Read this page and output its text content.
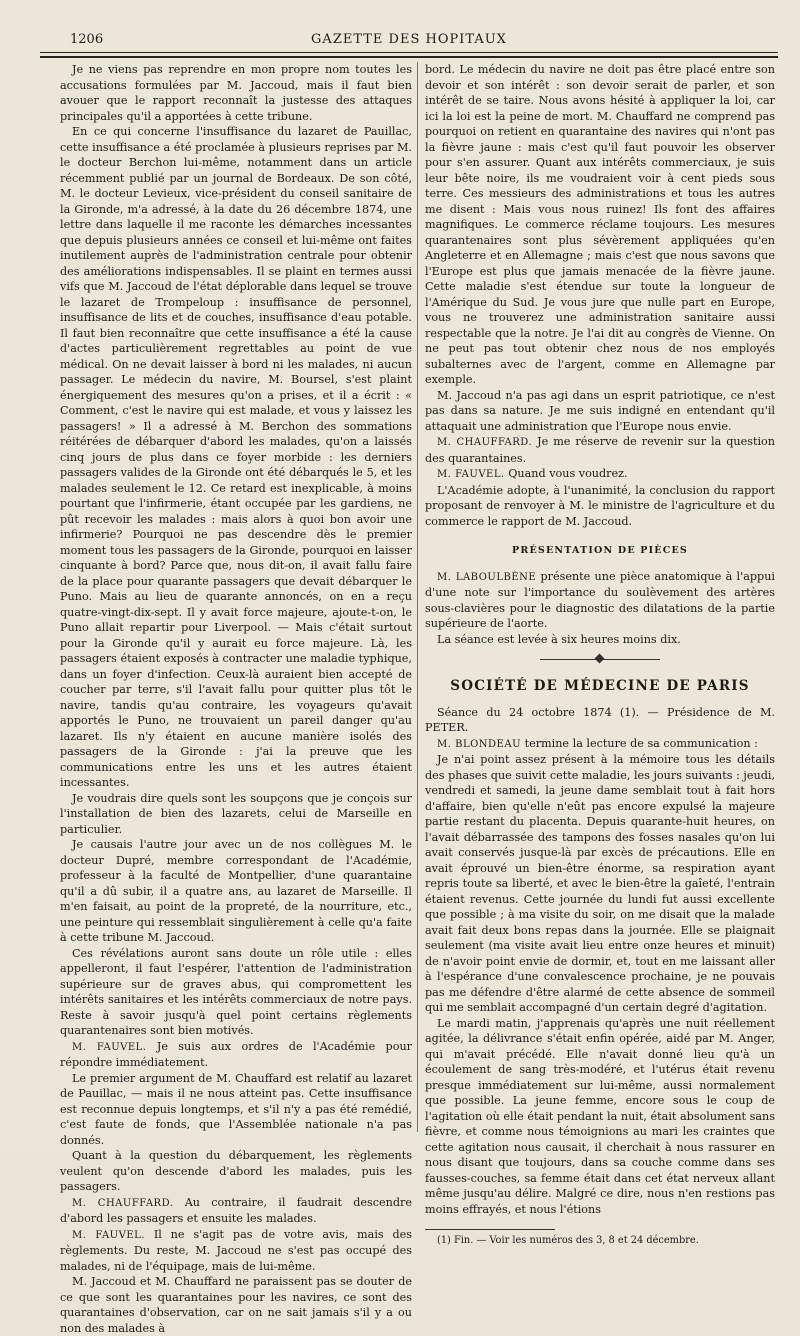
1206	GAZETTE DES HOPITAUX

Je ne viens pas reprendre en mon propre nom toutes les accusations formulées par M. Jaccoud, mais il faut bien avouer que le rapport reconnaît la justesse des attaques principales qu'il a apportées à cette tribune.

En ce qui concerne l'insuffisance du lazaret de Pauillac, cette insuffisance a été proclamée à plusieurs reprises par M. le docteur Berchon lui-même, notamment dans un article récemment publié par un journal de Bordeaux. De son côté, M. le docteur Levieux, vice-président du conseil sanitaire de la Gironde, m'a adressé, à la date du 26 décembre 1874, une lettre dans laquelle il me raconte les démarches incessantes que depuis plusieurs années ce conseil et lui-même ont faites inutilement auprès de l'administration centrale pour obtenir des améliorations indispensables. Il se plaint en termes aussi vifs que M. Jaccoud de l'état déplorable dans lequel se trouve le lazaret de Trompeloup : insuffisance de personnel, insuffisance de lits et de couches, insuffisance d'eau potable. Il faut bien reconnaître que cette insuffisance a été la cause d'actes particulièrement regrettables au point de vue médical. On ne devait laisser à bord ni les malades, ni aucun passager. Le médecin du navire, M. Boursel, s'est plaint énergiquement des mesures qu'on a prises, et il a écrit : « Comment, c'est le navire qui est malade, et vous y laissez les passagers! » Il a adressé à M. Berchon des sommations réitérées de débarquer d'abord les malades, qu'on a laissés cinq jours de plus dans ce foyer morbide : les derniers passagers valides de la Gironde ont été débarqués le 5, et les malades seulement le 12. Ce retard est inexplicable, à moins pourtant que l'infirmerie, étant occupée par les gardiens, ne pût recevoir les malades : mais alors à quoi bon avoir une infirmerie? Pourquoi ne pas descendre dès le premier moment tous les passagers de la Gironde, pourquoi en laisser cinquante à bord? Parce que, nous dit-on, il avait fallu faire de la place pour quarante passagers que devait débarquer le Puno. Mais au lieu de quarante annoncés, on en a reçu quatre-vingt-dix-sept. Il y avait force majeure, ajoute-t-on, le Puno allait repartir pour Liverpool. — Mais c'était surtout pour la Gironde qu'il y aurait eu force majeure. Là, les passagers étaient exposés à contracter une maladie typhique, dans un foyer d'infection. Ceux-là auraient bien accepté de coucher par terre, s'il l'avait fallu pour quitter plus tôt le navire, tandis qu'au contraire, les voyageurs qu'avait apportés le Puno, ne trouvaient un pareil danger qu'au lazaret. Ils n'y étaient en aucune manière isolés des passagers de la Gironde : j'ai la preuve que les communications entre les uns et les autres étaient incessantes.

Je voudrais dire quels sont les soupçons que je conçois sur l'installation de bien des lazarets, celui de Marseille en particulier.

Je causais l'autre jour avec un de nos collègues M. le docteur Dupré, membre correspondant de l'Académie, professeur à la faculté de Montpellier, d'une quarantaine qu'il a dû subir, il a quatre ans, au lazaret de Marseille. Il m'en faisait, au point de la propreté, de la nourriture, etc., une peinture qui ressemblait singulièrement à celle qu'a faite à cette tribune M. Jaccoud.

Ces révélations auront sans doute un rôle utile : elles appelleront, il faut l'espérer, l'attention de l'administration supérieure sur de graves abus, qui compromettent les intérêts sanitaires et les intérêts commerciaux de notre pays. Reste à savoir jusqu'à quel point certains règlements quarantenaires sont bien motivés.

M. FAUVEL. Je suis aux ordres de l'Académie pour répondre immédiatement.

Le premier argument de M. Chauffard est relatif au lazaret de Pauillac, — mais il ne nous atteint pas. Cette insuffisance est reconnue depuis longtemps, et s'il n'y a pas été remédié, c'est faute de fonds, que l'Assemblée nationale n'a pas donnés.

Quant à la question du débarquement, les règlements veulent qu'on descende d'abord les malades, puis les passagers.

M. CHAUFFARD. Au contraire, il faudrait descendre d'abord les passagers et ensuite les malades.

M. FAUVEL. Il ne s'agit pas de votre avis, mais des règlements. Du reste, M. Jaccoud ne s'est pas occupé des malades, ni de l'équipage, mais de lui-même.

M. Jaccoud et M. Chauffard ne paraissent pas se douter de ce que sont les quarantaines pour les navires, ce sont des quarantaines d'observation, car on ne sait jamais s'il y a ou non des malades à

bord. Le médecin du navire ne doit pas être placé entre son devoir et son intérêt : son devoir serait de parler, et son intérêt de se taire. Nous avons hésité à appliquer la loi, car ici la loi est la peine de mort. M. Chauffard ne comprend pas pourquoi on retient en quarantaine des navires qui n'ont pas la fièvre jaune : mais c'est qu'il faut pouvoir les observer pour s'en assurer. Quant aux intérêts commerciaux, je suis leur bête noire, ils me voudraient voir à cent pieds sous terre. Ces messieurs des administrations et tous les autres me disent : Mais vous nous ruinez! Ils font des affaires magnifiques. Le commerce réclame toujours. Les mesures quarantenaires sont plus sévèrement appliquées qu'en Angleterre et en Allemagne ; mais c'est que nous savons que l'Europe est plus que jamais menacée de la fièvre jaune. Cette maladie s'est étendue sur toute la longueur de l'Amérique du Sud. Je vous jure que nulle part en Europe, vous ne trouverez une administration sanitaire aussi respectable que la notre. Je l'ai dit au congrès de Vienne. On ne peut pas tout obtenir chez nous de nos employés subalternes avec de l'argent, comme en Allemagne par exemple.

M. Jaccoud n'a pas agi dans un esprit patriotique, ce n'est pas dans sa nature. Je me suis indigné en entendant qu'il attaquait une administration que l'Europe nous envie.

M. CHAUFFARD. Je me réserve de revenir sur la question des quarantaines.

M. FAUVEL. Quand vous voudrez.

L'Académie adopte, à l'unanimité, la conclusion du rapport proposant de renvoyer à M. le ministre de l'agriculture et du commerce le rapport de M. Jaccoud.

PRÉSENTATION DE PIÈCES

M. LABOULBÈNE présente une pièce anatomique à l'appui d'une note sur l'importance du soulèvement des artères sous-clavières pour le diagnostic des dilatations de la partie supérieure de l'aorte.

La séance est levée à six heures moins dix.

SOCIÉTÉ DE MÉDECINE DE PARIS

Séance du 24 octobre 1874 (1). — Présidence de M. PETER.

M. BLONDEAU termine la lecture de sa communication :

Je n'ai point assez présent à la mémoire tous les détails des phases que suivit cette maladie, les jours suivants : jeudi, vendredi et samedi, la jeune dame semblait tout à fait hors d'affaire, bien qu'elle n'eût pas encore expulsé la majeure partie restant du placenta. Depuis quarante-huit heures, on l'avait débarrassée des tampons des fosses nasales qu'on lui avait conservés jusque-là par excès de précautions. Elle en avait éprouvé un bien-être énorme, sa respiration ayant repris toute sa liberté, et avec le bien-être la gaîeté, l'entrain étaient revenus. Cette journée du lundi fut aussi excellente que possible ; à ma visite du soir, on me disait que la malade avait fait deux bons repas dans la journée. Elle se plaignait seulement (ma visite avait lieu entre onze heures et minuit) de n'avoir point envie de dormir, et, tout en me laissant aller à l'espérance d'une convalescence prochaine, je ne pouvais pas me défendre d'être alarmé de cette absence de sommeil qui me semblait accompagné d'un certain degré d'agitation.

Le mardi matin, j'apprenais qu'après une nuit réellement agitée, la délivrance s'était enfin opérée, aidé par M. Anger, qui m'avait précédé. Elle n'avait donné lieu qu'à un écoulement de sang très-modéré, et l'utérus était revenu presque immédiatement sur lui-même, aussi normalement que possible. La jeune femme, encore sous le coup de l'agitation où elle était pendant la nuit, était absolument sans fièvre, et comme nous témoignions au mari les craintes que cette agitation nous causait, il cherchait à nous rassurer en nous disant que toujours, dans sa couche comme dans ses fausses-couches, sa femme était dans cet état nerveux allant même jusqu'au délire. Malgré ce dire, nous n'en restions pas moins effrayés, et nous l'étions

(1) Fin. — Voir les numéros des 3, 8 et 24 décembre.
